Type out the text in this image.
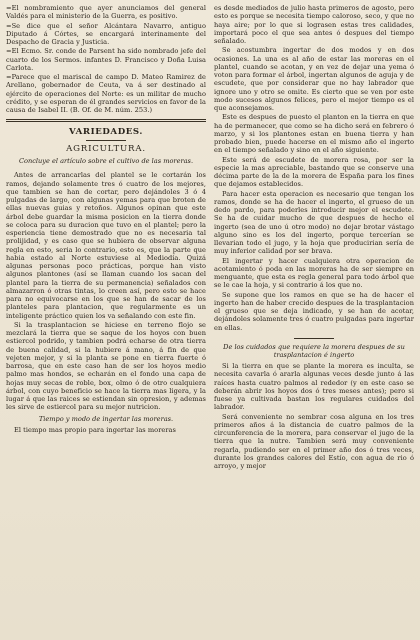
=El nombramiento que ayer anunciamos del general Valdés para el ministerio de la Guerra, es positivo.

=Se dice que el señor Alcántara Navarro, antiguo Diputado á Córtes, se encargará interinamente del Despacho de Gracia y Justicia.

=El Ecmo. Sr. conde de Parsent ha sido nombrado jefe del cuarto de los Sermos. infantes D. Francisco y Doña Luisa Carlota.

=Parece que el mariscal de campo D. Mateo Ramirez de Arellano, gobernador de Ceuta, va á ser destinado al ejército de operaciones del Norte: es un militar de mucho crédito, y se esperan de él grandes servicios en favor de la causa de Isabel II. (B. Of. de M. núm. 253.)

VARIEDADES.
AGRICULTURA.
Concluye el artículo sobre el cultivo de las moreras.

Antes de arrancarlas del plantel se le cortarán los ramos, dejando solamente tres ó cuatro de los mejores, que tambien se han de cortar, pero dejándoles 3 ó 4 pulgadas de largo, con algunas yemas para que broten de ellas nuevas guias y retoños. Algunos opinan que este árbol debe guardar la misma posicion en la tierra donde se coloca para su duracion que tuvo en el plantel; pero la esperiencia tiene demostrado que no es necesaria tal prolijidad, y es caso que se hubiera de observar alguna regla en esto, seria lo contrario, esto es, que la parte que habia estado al Norte estuviese al Mediodía. Quizá algunas personas poco prácticas, porque han visto algunos plantones (así se llaman cuando los sacan del plantel para la tierra de su permanencia) señalados con almazarron ó otras tintas, lo creen así, pero esto se hace para no equivocarse en los que se han de sacar de los planteles para plantacion, que regularmente es un inteligente práctico quien los va señalando con este fin.

Si la trasplantacion se hiciese en terreno flojo se mezclará la tierra que se saque de los hoyos con buen estiercol podrido, y tambien podrá echarse de otra tierra de buena calidad, si la hubiere á mano, á fin de que vejeten mejor, y si la planta se pone en tierra fuerte ó barrosa, que en este caso han de ser los hoyos medio palmo mas hondos, se echarán en el fondo una capa de hojas muy secas de roble, box, olmo ó de otro cualquiera árbol, con cuyo beneficio se hace la tierra mas ligera, y la lugar á que las raices se estiendan sin opresion, y ademas les sirve de estiercol para su mejor nutricion.

Tiempo y modo de ingertar las moreras.

El tiempo mas propio para ingertar las moreras

es desde mediados de julio hasta primeros de agosto, pero esto es porque se necesita tiempo caloroso, seco, y que no haya aire; por lo que si lograsen estas tres calidades, importará poco el que sea antes ó despues del tiempo señalado.

Se acostumbra ingertar de dos modos y en dos ocasiones. La una es al año de estar las moreras en el plantel, cuando se acotan, y en vez de dejar una yema ó voton para formar el árbol, ingertan algunos de aguja y de escudete, que por considerar que no hay labrador que ignore uno y otro se omite. Es cierto que se ven por este modo sucesos algunos felices, pero el mejor tiempo es el que aconsejamos.

Este es despues de puesto el planton en la tierra en que ha de permanecer, que como se ha dicho será en febrero ó marzo, y si los plantones estan en buena tierra y han probado bien, puede hacerse en el mismo año el ingerto en el tiempo señalado y sino en el año siguiente.

Este será de escudete de morera rosa, por ser la especie la mas apreciable, bastando que se conserve una décima parte de la de la morera de España para los fines que dejamos establecidos.

Para hacer esta operacion es necesario que tengan los ramos, donde se ha de hacer el ingerto, el grueso de un dedo pardo, para poderles introducir mejor el escudete. Se ha de cuidar mucho de que despues de hecho el ingerto (sea de uno ú otro modo) no dejar brotar vástago alguno sino es los del ingerto, porque tercerían se llevarian todo el jugo, y la hoja que producirian sería de muy inferior calidad por ser brava.

El ingertar y hacer cualquiera otra operacion de acotamiento ó poda en las moreras ha de ser siempre en menguante, que esta es regla general para todo árbol que se le cae la hoja, y si contrario á los que no.

Se supone que los ramos en que se ha de hacer el ingerto han de haber crecido despues de la trasplantacion el grueso que se deja indicado, y se han de acotar, dejándoles solamente tres ó cuatro pulgadas para ingertar en ellas.

De los cuidados que requiere la morera despues de su trasplantacion é ingerto

Si la tierra en que se plante la morera es inculta, se necesita cavarla ó ararla algunas veces desde junto á las raíces hasta cuatro palmos al rededor (y en este caso se deberán abrir los hoyos dos ó tres meses antes); pero si fuese ya cultivada bastan los regulares cuidados del labrador.

Será conveniente no sembrar cosa alguna en los tres primeros años á la distancia de cuatro palmos de la circunferencia de la morera, para conservar el jugo de la tierra que la nutre. Tambien será muy conveniente regarla, pudiendo ser en el primer año dos ó tres veces, durante los grandes calores del Estío, con agua de rio ó arroyo, y mejor
